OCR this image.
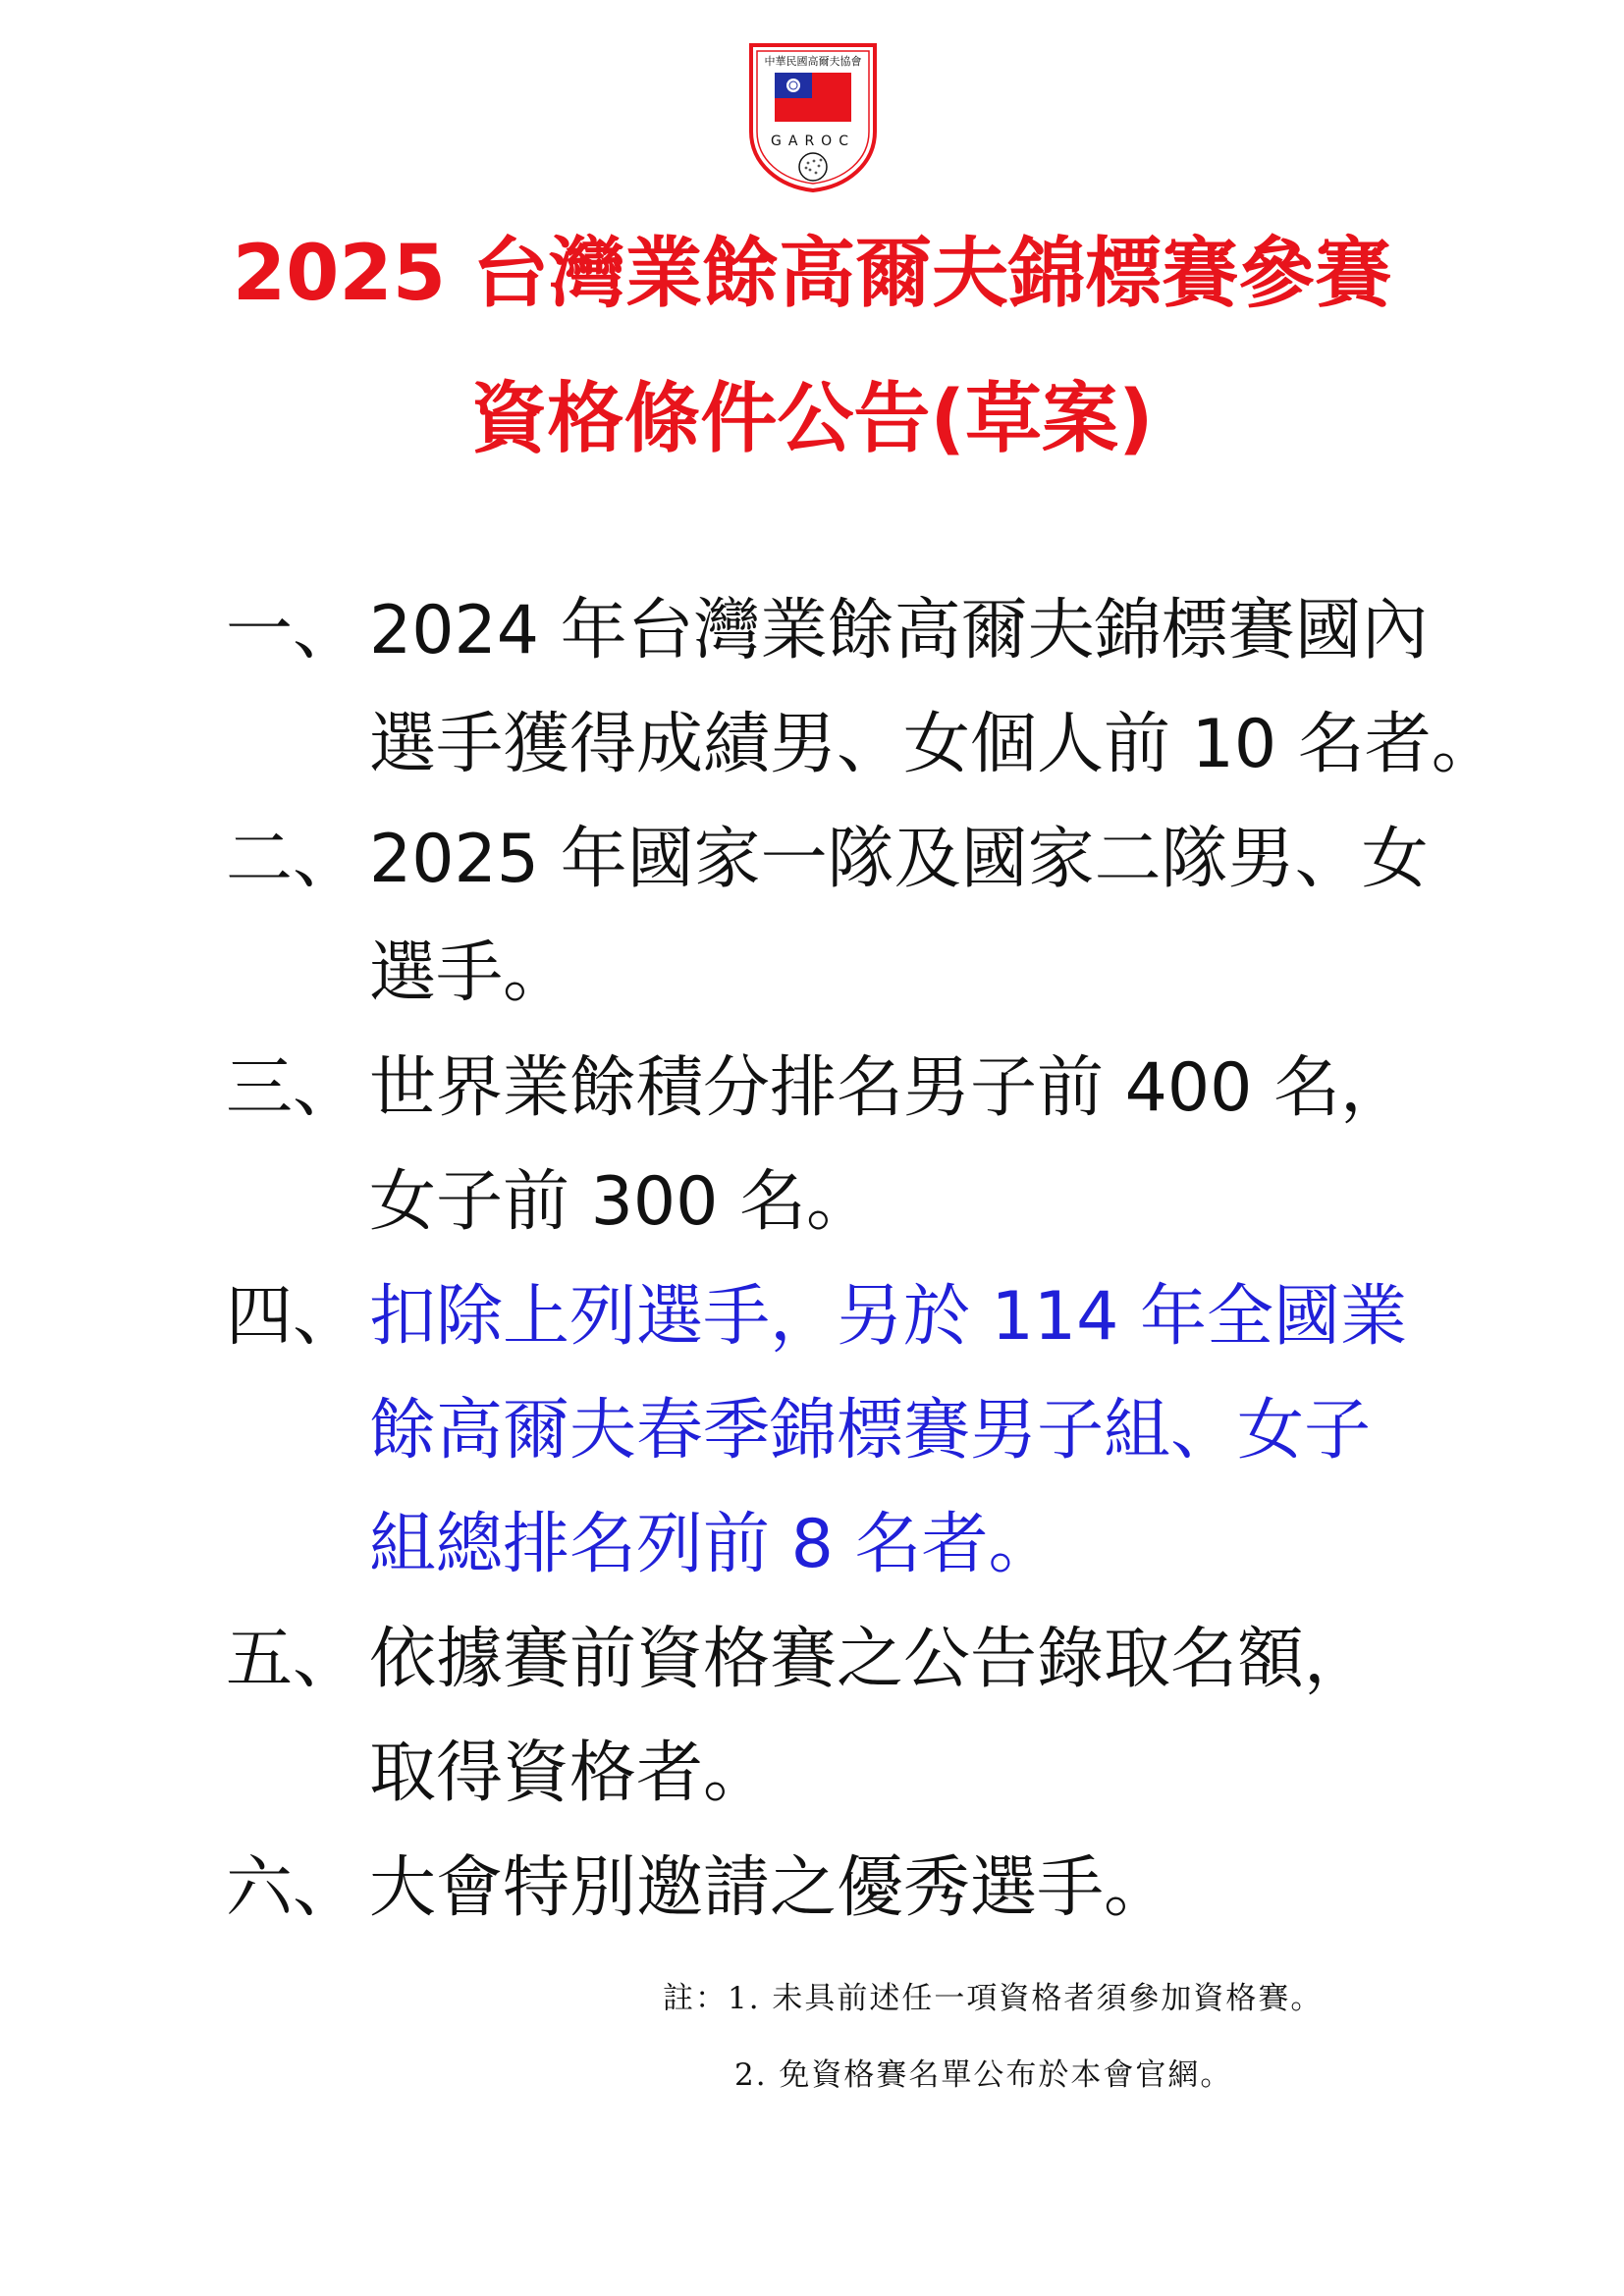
中華民國高爾夫協會
GAROC
2025 台灣業餘高爾夫錦標賽參賽
資格條件公告(草案)
一、 2024 年台灣業餘高爾夫錦標賽國內
選手獲得成績男、女個人前 10 名者。
二、 2025 年國家一隊及國家二隊男、女
選手。
三、 世界業餘積分排名男子前 400 名，
女子前 300 名。
四、 扣除上列選手，另於 114 年全國業
餘高爾夫春季錦標賽男子組、女子
組總排名列前 8 名者。
五、 依據賽前資格賽之公告錄取名額，
取得資格者。
六、 大會特別邀請之優秀選手。
註：1. 未具前述任一項資格者須參加資格賽。
2. 免資格賽名單公布於本會官網。
